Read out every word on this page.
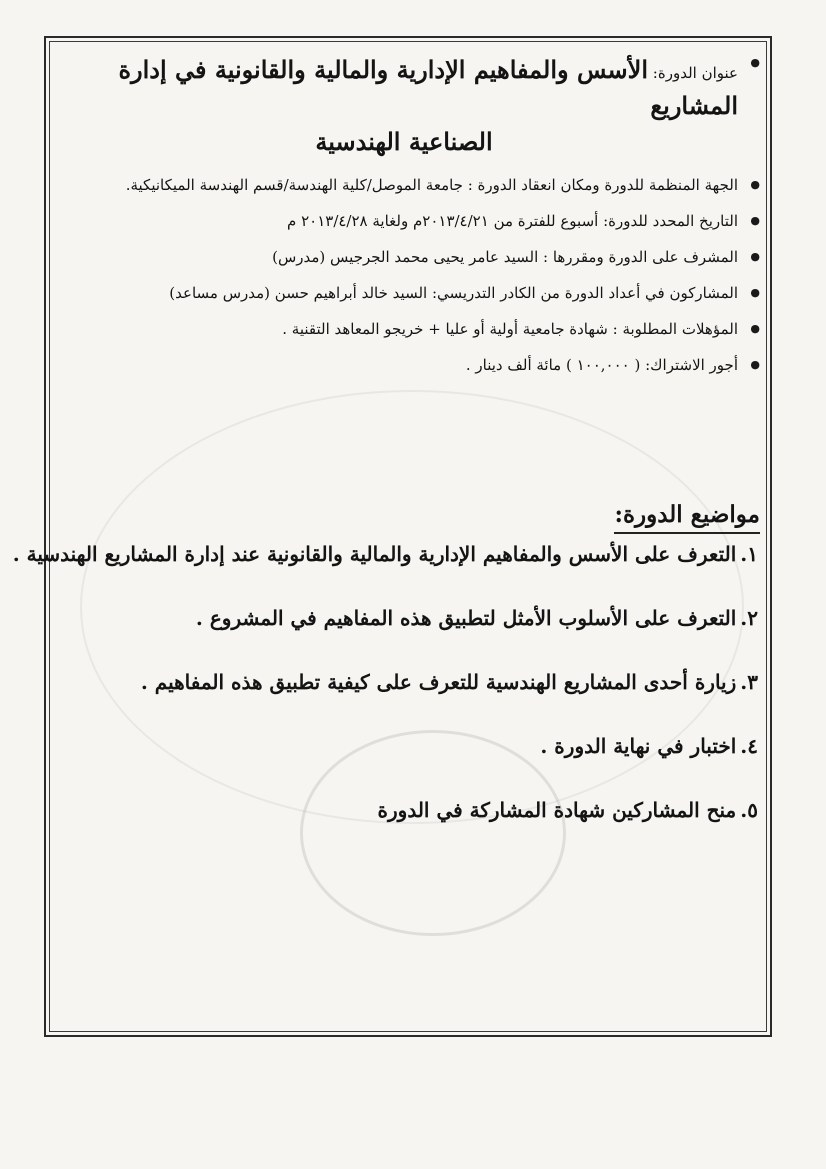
● عنوان الدورة: الأسس والمفاهيم الإدارية والمالية والقانونية في إدارة المشاريع
الصناعية الهندسية
● الجهة المنظمة للدورة ومكان انعقاد الدورة : جامعة الموصل/كلية الهندسة/قسم الهندسة الميكانيكية.
● التاريخ المحدد للدورة: أسبوع للفترة من ٢٠١٣/٤/٢١م ولغاية ٢٠١٣/٤/٢٨ م
● المشرف على الدورة ومقررها : السيد عامر يحيى محمد الجرجيس (مدرس)
● المشاركون في أعداد الدورة من الكادر التدريسي: السيد خالد أبراهيم حسن (مدرس مساعد)
● المؤهلات المطلوبة : شهادة جامعية أولية أو عليا + خريجو المعاهد التقنية .
● أجور الاشتراك: ( ١٠٠,٠٠٠ ) مائة ألف دينار .
مواضيع الدورة:
١.التعرف على الأسس والمفاهيم الإدارية والمالية والقانونية عند إدارة المشاريع الهندسية .
٢.التعرف على الأسلوب الأمثل لتطبيق هذه المفاهيم في المشروع .
٣.زيارة أحدى المشاريع الهندسية للتعرف على كيفية تطبيق هذه المفاهيم .
٤.اختبار في نهاية الدورة .
٥.منح المشاركين شهادة المشاركة في الدورة
